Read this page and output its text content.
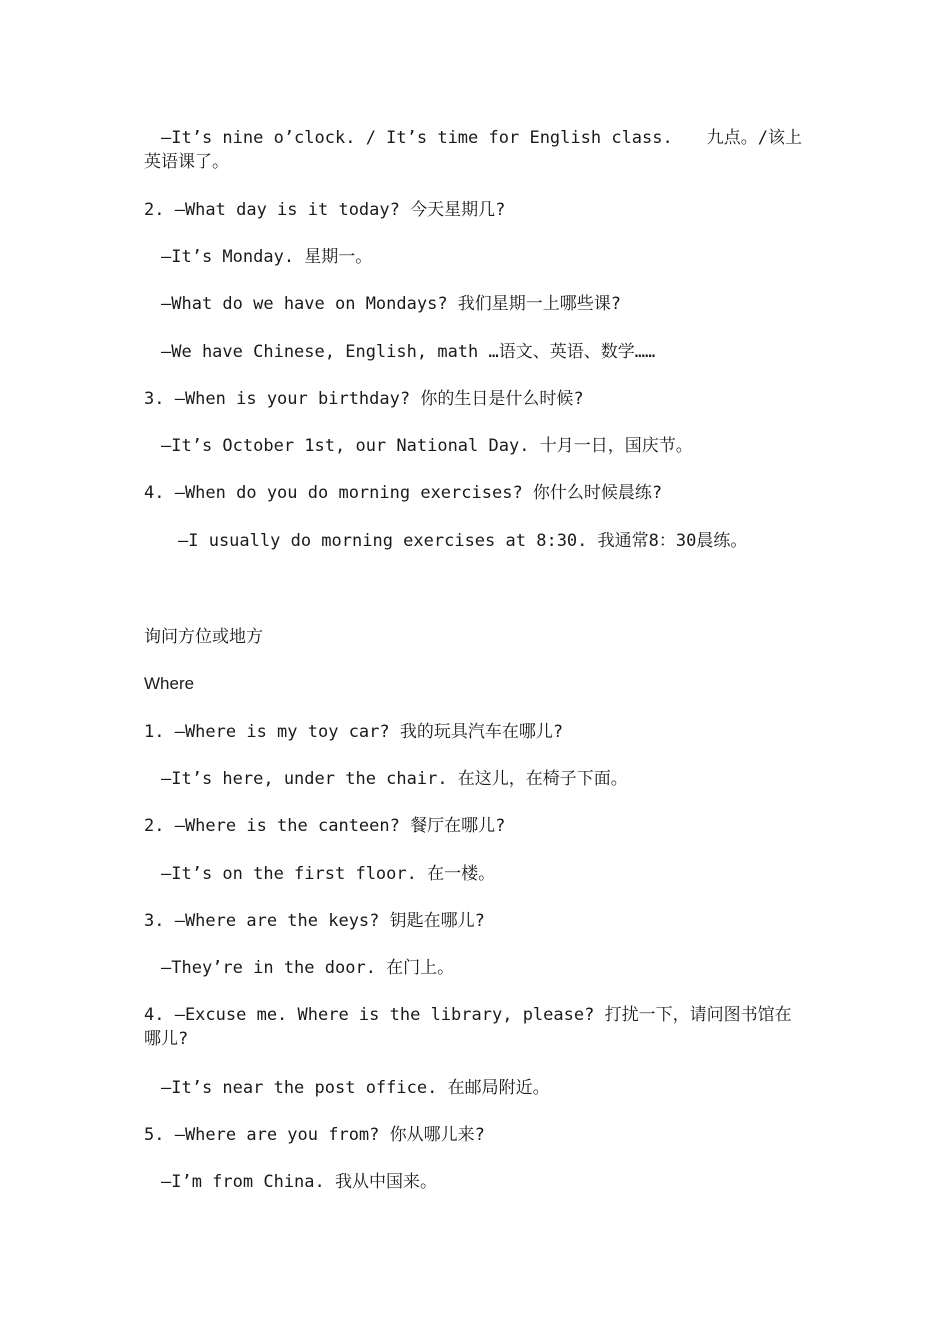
　—It’s nine o’clock. / It’s time for English class.　　九点。/该上英语课了。

2. —What day is it today? 今天星期几?

　—It’s Monday. 星期一。

　—What do we have on Mondays? 我们星期一上哪些课?

　—We have Chinese, English, math …语文、英语、数学……

3. —When is your birthday? 你的生日是什么时候?

　—It’s October 1st, our National Day. 十月一日，国庆节。

4. —When do you do morning exercises? 你什么时候晨练?

　　—I usually do morning exercises at 8:30. 我通常8：30晨练。

询问方位或地方

Where

1. —Where is my toy car? 我的玩具汽车在哪儿?

　—It’s here, under the chair. 在这儿，在椅子下面。

2. —Where is the canteen? 餐厅在哪儿?

　—It’s on the first floor. 在一楼。

3. —Where are the keys? 钥匙在哪儿?

　—They’re in the door. 在门上。

4. —Excuse me. Where is the library, please? 打扰一下，请问图书馆在哪儿?

　—It’s near the post office. 在邮局附近。

5. —Where are you from? 你从哪儿来?

　—I’m from China. 我从中国来。
